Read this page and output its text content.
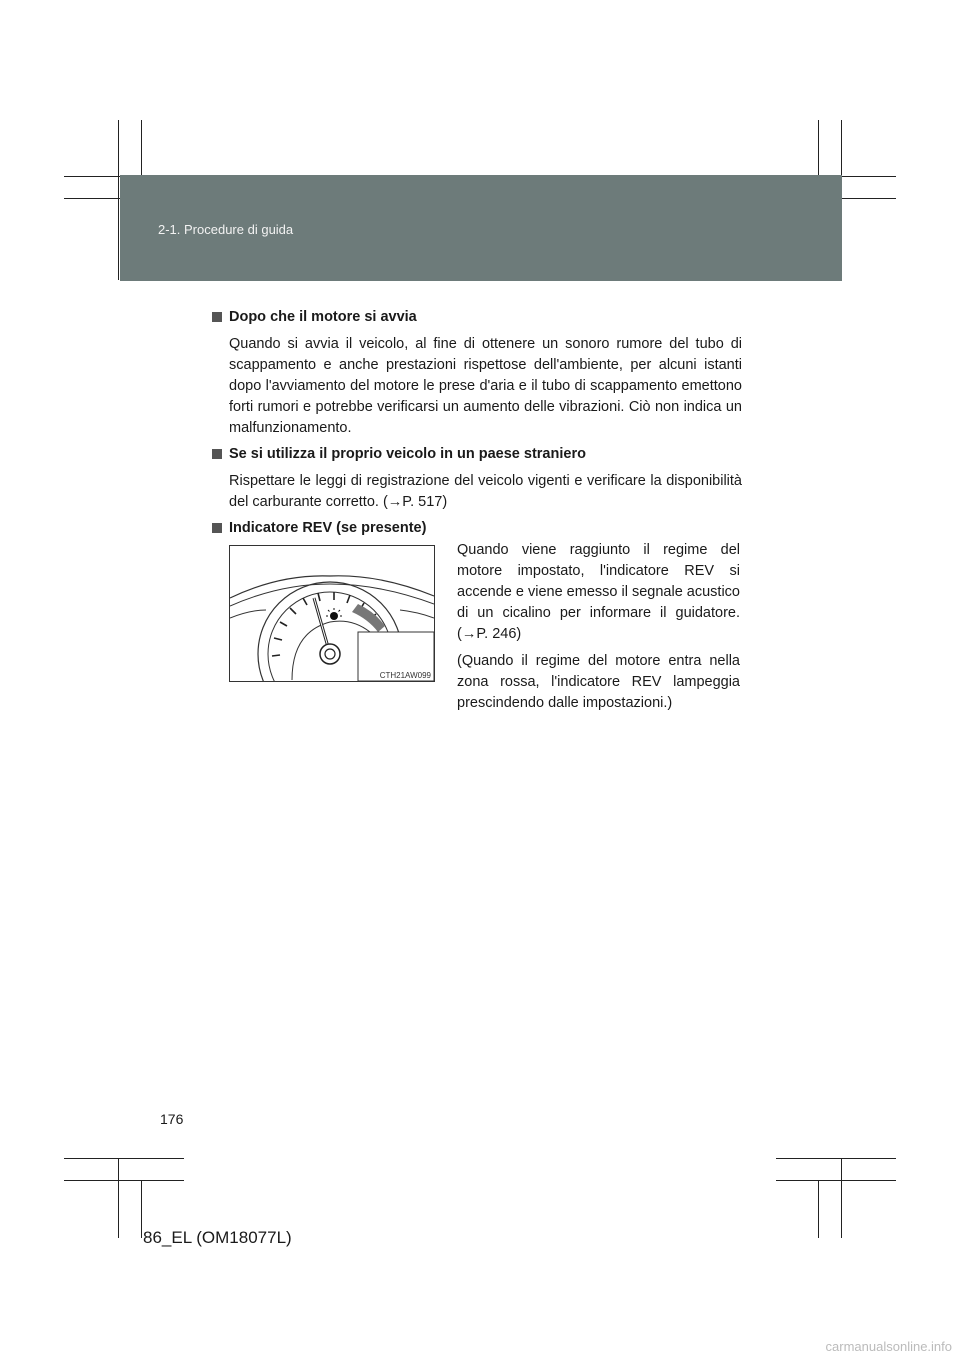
2-1. Procedure di guida
Dopo che il motore si avvia

Quando si avvia il veicolo, al fine di ottenere un sonoro rumore del tubo di scappamento e anche prestazioni rispettose dell'ambiente, per alcuni istanti dopo l'avviamento del motore le prese d'aria e il tubo di scappamento emettono forti rumori e potrebbe verificarsi un aumento delle vibrazioni. Ciò non indica un malfunzionamento.

Se si utilizza il proprio veicolo in un paese straniero

Rispettare le leggi di registrazione del veicolo vigenti e verificare la disponibilità del carburante corretto. (→P. 517)

Indicatore REV (se presente)
CTH21AW099

Quando viene raggiunto il regime del motore impostato, l'indicatore REV si accende e viene emesso il segnale acustico di un cicalino per informare il guidatore. (→P. 246)

(Quando il regime del motore entra nella zona rossa, l'indicatore REV lampeggia prescindendo dalle impostazioni.)

176
86_EL (OM18077L)
carmanualsonline.info
